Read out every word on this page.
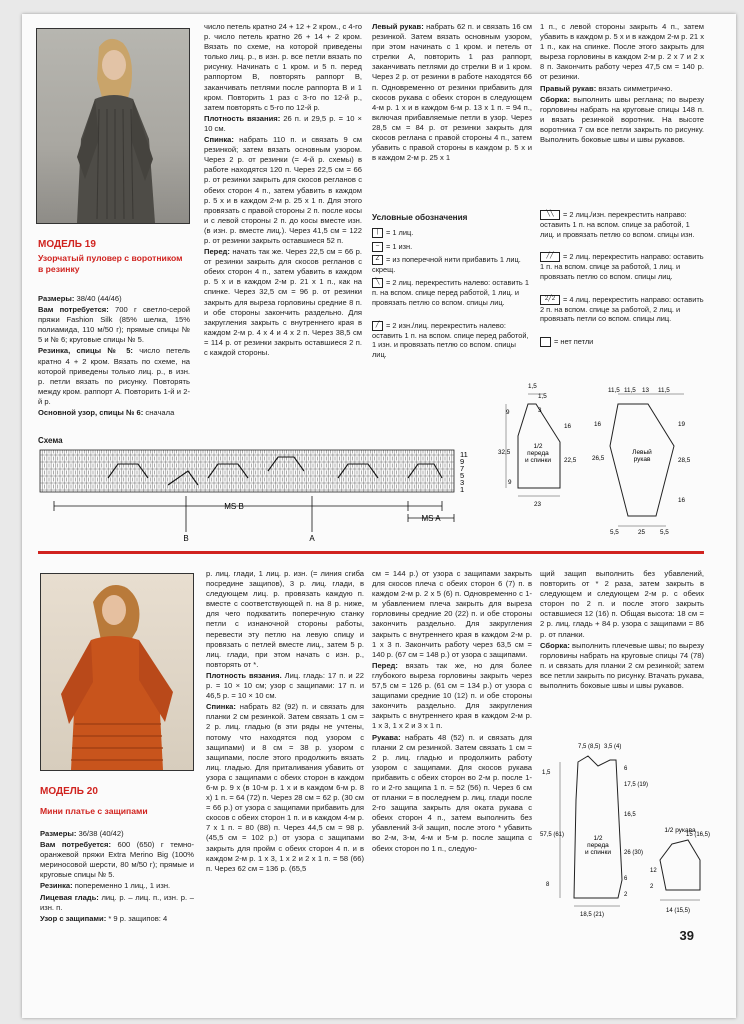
МОДЕЛЬ 19
Узорчатый пуловер с воротником в резинку

Размеры: 38/40 (44/46)

Вам потребуется: 700 г светло-серой пряжи Fashion Silk (85% шелка, 15% полиамида, 110 м/50 г); прямые спицы № 5 и № 6; круговые спицы № 5.

Резинка, спицы № 5: число петель кратно 4 + 2 кром. Вязать по схеме, на которой приведены только лиц. р., в изн. р. петли вязать по рисунку. Повторять между кром. раппорт А. Повторить 1-й и 2-й р.

Основной узор, спицы № 6: сначала

число петель кратно 24 + 12 + 2 кром., с 4-го р. число петель кратно 26 + 14 + 2 кром. Вязать по схеме, на которой приведены только лиц. р., в изн. р. все петли вязать по рисунку. Начинать с 1 кром. и 5 п. перед раппортом В, повторять раппорт В, заканчивать петлями после раппорта В и 1 кром. Повторить 1 раз с 3-го по 12-й р., затем повторять с 5-го по 12-й р.

Плотность вязания: 26 п. и 29,5 р. = 10 × 10 см.

Спинка: набрать 110 п. и связать 9 см резинкой; затем вязать основным узором. Через 2 р. от резинки (= 4-й р. схемы) в работе находятся 120 п. Через 22,5 см = 66 р. от резинки закрыть для скосов регланов с обеих сторон 4 п., затем убавить в каждом р. 5 х и в каждом 2-м р. 25 х 1 п. Для этого провязать с правой стороны 2 п. после косы и с левой стороны 2 п. до косы вместе изн. (в изн. р. вместе лиц.). Через 41,5 см = 122 р. от резинки закрыть оставшиеся 52 п.

Перед: начать так же. Через 22,5 см = 66 р. от резинки закрыть для скосов регланов с обеих сторон 4 п., затем убавить в каждом р. 5 х и в каждом 2-м р. 21 х 1 п., как на спинке. Через 32,5 см = 96 р. от резинки закрыть для выреза горловины средние 8 п. и обе стороны закончить раздельно. Для закругления закрыть с внутреннего края в каждом 2-м р. 4 х 4 и 4 х 2 п. Через 38,5 см = 114 р. от резинки закрыть оставшиеся 2 п. с каждой стороны.

Левый рукав: набрать 62 п. и связать 16 см резинкой. Затем вязать основным узором, при этом начинать с 1 кром. и петель от стрелки А, повторить 1 раз раппорт, заканчивать петлями до стрелки В и 1 кром. Через 2 р. от резинки в работе находятся 66 п. Одновременно от резинки прибавить для скосов рукава с обеих сторон в следующем 4-м р. 1 х и в каждом 6-м р. 13 х 1 п. = 94 п., включая прибавляемые петли в узор. Через 28,5 см = 84 р. от резинки закрыть для скосов реглана с правой стороны 4 п., затем убавить с правой стороны в каждом р. 5 х и в каждом 2-м р. 25 х 1

1 п., с левой стороны закрыть 4 п., затем убавить в каждом р. 5 х и в каждом 2-м р. 21 х 1 п., как на спинке. После этого закрыть для выреза горловины в каждом 2-м р. 2 х 7 и 2 х 8 п. Закончить работу через 47,5 см = 140 р. от резинки.

Правый рукав: вязать симметрично.

Сборка: выполнить швы реглана; по вырезу горловины набрать на круговые спицы 148 п. и вязать резинкой воротник. На высоте воротника 7 см все петли закрыть по рисунку. Выполнить боковые швы и швы рукавов.

Условные обозначения
| = 1 лиц.
– = 1 изн.
Z = из поперечной нити прибавить 1 лиц. скрещ.
╲ = 2 лиц. перекрестить налево: оставить 1 п. на вспом. спице перед работой, 1 лиц. и провязать петлю со вспом. спицы лиц.
╱ = 2 изн./лиц. перекрестить налево: оставить 1 п. на вспом. спице перед работой, 1 изн. и провязать петлю со вспом. спицы лиц.
╲╲ = 2 лиц./изн. перекрестить направо: оставить 1 п. на вспом. спице за работой, 1 лиц. и провязать петлю со вспом. спицы изн.
╱╱ = 2 лиц. перекрестить направо: оставить 1 п. на вспом. спице за работой, 1 лиц. и провязать петлю со вспом. спицы лиц.
2╱2 = 4 лиц. перекрестить направо: оставить 2 п. на вспом. спице за работой, 2 лиц. и провязать петли со вспом. спицы лиц.
= нет петли
Схема
11
9
7
5
3
1
MS B
MS A
B	A
1/2 переда и спинки
Левый рукав
1,5
1,5
11,5 11,5 13 11,5
9	3
16
32,5
22,5
9
23
16	19
26,5	28,5
16
5,5	25 5,5
МОДЕЛЬ 20
Мини платье с защипами

Размеры: 36/38 (40/42)

Вам потребуется: 600 (650) г темно-оранжевой пряжи Extra Merino Big (100% мериносовой шерсти, 80 м/50 г); прямые и круговые спицы № 5.

Резинка: попеременно 1 лиц., 1 изн.

Лицевая гладь: лиц. р. – лиц. п., изн. р. – изн. п.

Узор с защипами: * 9 р. защипов: 4

р. лиц. глади, 1 лиц. р. изн. (= линия сгиба посредине защипов), 3 р. лиц. глади, в следующем лиц. р. провязать каждую п. вместе с соответствующей п. на 8 р. ниже, для чего подхватить поперечную станку петли с изнаночной стороны работы, перевести эту петлю на левую спицу и провязать с петлей вместе лиц., затем 5 р. лиц. глади, при этом начать с изн. р., повторять от *.

Плотность вязания. Лиц. гладь: 17 п. и 22 р. = 10 × 10 см; узор с защипами: 17 п. и 46,5 р. = 10 × 10 см.

Спинка: набрать 82 (92) п. и связать для планки 2 см резинкой. Затем связать 1 см = 2 р. лиц. гладью (в эти ряды не учтены, потому что находятся под узором с защипами) и 8 см = 38 р. узором с защипами, после этого продолжить вязать лиц. гладью. Для приталивания убавить от узора с защипами с обеих сторон в каждом 6-м р. 9 х (в 10-м р. 1 х и в каждом 6-м р. 8 х) 1 п. = 64 (72) п. Через 28 см = 62 р. (30 см = 66 р.) от узора с защипами прибавить для скосов с обеих сторон 1 п. и в каждом 4-м р. 7 х 1 п. = 80 (88) п. Через 44,5 см = 98 р. (45,5 см = 102 р.) от узора с защипами закрыть для пройм с обеих сторон 4 п. и в каждом 2-м р. 1 х 3, 1 х 2 и 2 х 1 п. = 58 (66) п. Через 62 см = 136 р. (65,5

см = 144 р.) от узора с защипами закрыть для скосов плеча с обеих сторон 6 (7) п. в каждом 2-м р. 2 х 5 (6) п. Одновременно с 1-м убавлением плеча закрыть для выреза горловины средние 20 (22) п. и обе стороны закончить раздельно. Для закругления закрыть с внутреннего края в каждом 2-м р. 1 х 3 п. Закончить работу через 63,5 см = 140 р. (67 см = 148 р.) от узора с защипами.

Перед: вязать так же, но для более глубокого выреза горловины закрыть через 57,5 см = 126 р. (61 см = 134 р.) от узора с защипами средние 10 (12) п. и обе стороны закончить раздельно. Для закругления закрыть с внутреннего края в каждом 2-м р. 1 х 3, 1 х 2 и 3 х 1 п.

Рукава: набрать 48 (52) п. и связать для планки 2 см резинкой. Затем связать 1 см = 2 р. лиц. гладью и продолжить работу узором с защипами. Для скосов рукава прибавить с обеих сторон во 2-м р. после 1-го и 2-го защипа 1 п. = 52 (56) п. Через 6 см от планки = в последнем р. лиц. глади после 2-го защипа закрыть для оката рукава с обеих сторон 4 п., затем выполнить без убавлений 3-й защип, после этого * убавить во 2-м, 3-м, 4-м и 5-м р. после защипа с обеих сторон по 1 п., следую-

щий защип выполнить без убавлений, повторить от * 2 раза, затем закрыть в следующем и следующем 2-м р. с обеих сторон по 2 п. и после этого закрыть оставшиеся 12 (16) п. Общая высота: 18 см = 2 р. лиц. гладь + 84 р. узора с защипами = 86 р. от планки.

Сборка: выполнить плечевые швы; по вырезу горловины набрать на круговые спицы 74 (78) п. и связать для планки 2 см резинкой; затем все петли закрыть по рисунку. Втачать рукава, выполнить боковые швы и швы рукавов.

1/2 переда и спинки
1/2 рукава
7,5 (8,5) 3,5 (4)
6
1,5
17,5 (19)
16,5
57,5 (61)
26 (30)
6
2
18,5 (21)
8
12
15 (16,5)
2
14 (15,5)
39
